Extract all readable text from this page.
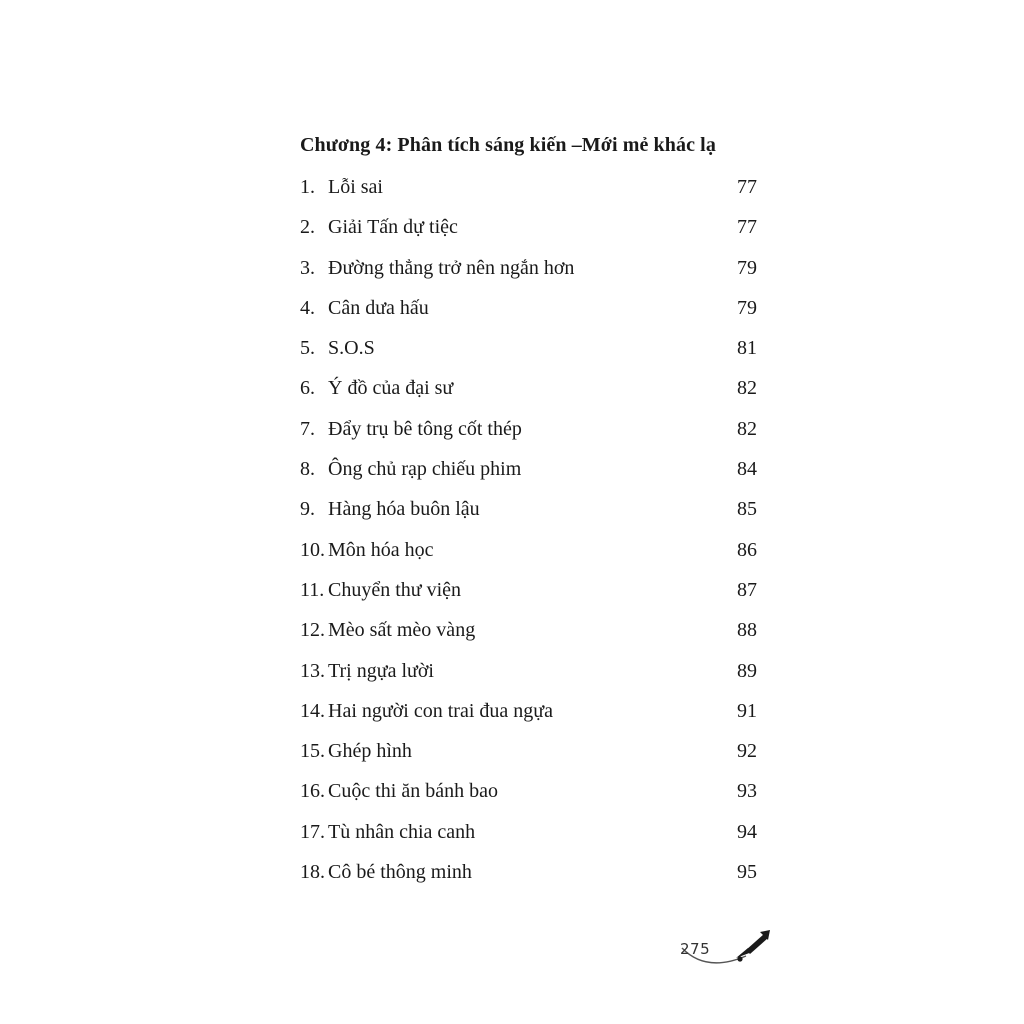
Chương 4: Phân tích sáng kiến –Mới mẻ khác lạ
1. Lỗi sai	77
2. Giải Tấn dự tiệc	77
3. Đường thẳng trở nên ngắn hơn	79
4. Cân dưa hấu	79
5. S.O.S	81
6. Ý đồ của đại sư	82
7. Đẩy trụ bê tông cốt thép	82
8. Ông chủ rạp chiếu phim	84
9. Hàng hóa buôn lậu	85
10. Môn hóa học	86
11. Chuyển thư viện	87
12. Mèo sất mèo vàng	88
13. Trị ngựa lười	89
14. Hai người con trai đua ngựa	91
15. Ghép hình	92
16. Cuộc thi ăn bánh bao	93
17. Tù nhân chia canh	94
18. Cô bé thông minh	95
275
